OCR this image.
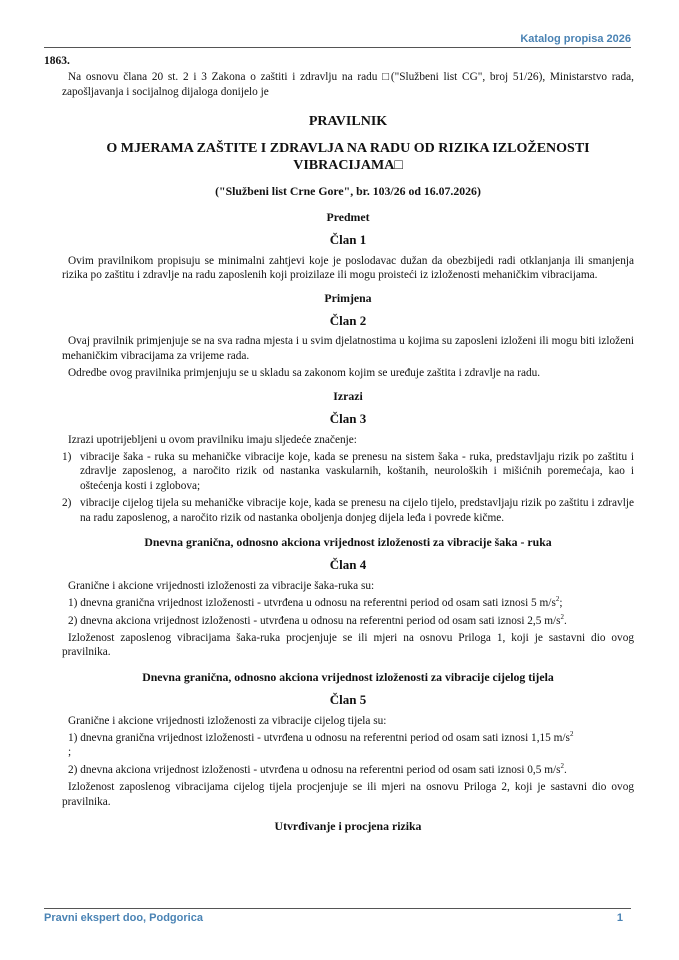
Katalog propisa 2026
1863.

Na osnovu člana 20 st. 2 i 3 Zakona o zaštiti i zdravlju na radu □("Službeni list CG", broj 51/26), Ministarstvo rada, zapošljavanja i socijalnog dijaloga donijelo je

PRAVILNIK
O MJERAMA ZAŠTITE I ZDRAVLJA NA RADU OD RIZIKA IZLOŽENOSTI VIBRACIJAMA□
("Službeni list Crne Gore", br. 103/26 od 16.07.2026)
Predmet
Član 1

Ovim pravilnikom propisuju se minimalni zahtjevi koje je poslodavac dužan da obezbijedi radi otklanjanja ili smanjenja rizika po zaštitu i zdravlje na radu zaposlenih koji proizilaze ili mogu proisteći iz izloženosti mehaničkim vibracijama.

Primjena
Član 2

Ovaj pravilnik primjenjuje se na sva radna mjesta i u svim djelatnostima u kojima su zaposleni izloženi ili mogu biti izloženi mehaničkim vibracijama za vrijeme rada.

Odredbe ovog pravilnika primjenjuju se u skladu sa zakonom kojim se uređuje zaštita i zdravlje na radu.

Izrazi
Član 3

Izrazi upotrijebljeni u ovom pravilniku imaju sljedeće značenje:

1) vibracije šaka - ruka su mehaničke vibracije koje, kada se prenesu na sistem šaka - ruka, predstavljaju rizik po zaštitu i zdravlje zaposlenog, a naročito rizik od nastanka vaskularnih, koštanih, neuroloških i mišićnih poremećaja, kao i oštećenja kosti i zglobova;
2) vibracije cijelog tijela su mehaničke vibracije koje, kada se prenesu na cijelo tijelo, predstavljaju rizik po zaštitu i zdravlje na radu zaposlenog, a naročito rizik od nastanka oboljenja donjeg dijela leđa i povrede kičme.
Dnevna granična, odnosno akciona vrijednost izloženosti za vibracije šaka - ruka
Član 4

Granične i akcione vrijednosti izloženosti za vibracije šaka-ruka su:

1) dnevna granična vrijednost izloženosti - utvrđena u odnosu na referentni period od osam sati iznosi 5 $m/s^2$;
2) dnevna akciona vrijednost izloženosti - utvrđena u odnosu na referentni period od osam sati iznosi 2,5 $m/s^2$.

Izloženost zaposlenog vibracijama šaka-ruka procjenjuje se ili mjeri na osnovu Priloga 1, koji je sastavni dio ovog pravilnika.

Dnevna granična, odnosno akciona vrijednost izloženosti za vibracije cijelog tijela
Član 5

Granične i akcione vrijednosti izloženosti za vibracije cijelog tijela su:

1) dnevna granična vrijednost izloženosti - utvrđena u odnosu na referentni period od osam sati iznosi 1,15 $m/s^2$
;
2) dnevna akciona vrijednost izloženosti - utvrđena u odnosu na referentni period od osam sati iznosi 0,5 $m/s^2$.

Izloženost zaposlenog vibracijama cijelog tijela procjenjuje se ili mjeri na osnovu Priloga 2, koji je sastavni dio ovog pravilnika.

Utvrđivanje i procjena rizika
Pravni ekspert doo, Podgorica	1
